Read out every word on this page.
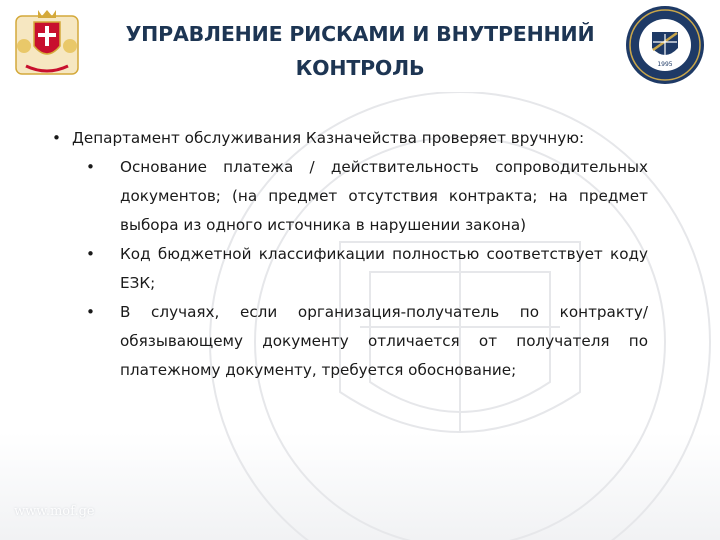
УПРАВЛЕНИЕ РИСКАМИ И ВНУТРЕННИЙ
КОНТРОЛЬ	1995
• Департамент обслуживания Казначейства проверяет вручную:
• Основание платежа / действительность сопроводительных документов; (на предмет отсутствия контракта; на предмет выбора из одного источника в нарушении закона)
• Код бюджетной классификации полностью соответствует коду ЕЗК;
• В случаях, если организация-получатель по контракту/обязывающему документу отличается от получателя по платежному документу, требуется обоснование;
www.mof.ge
